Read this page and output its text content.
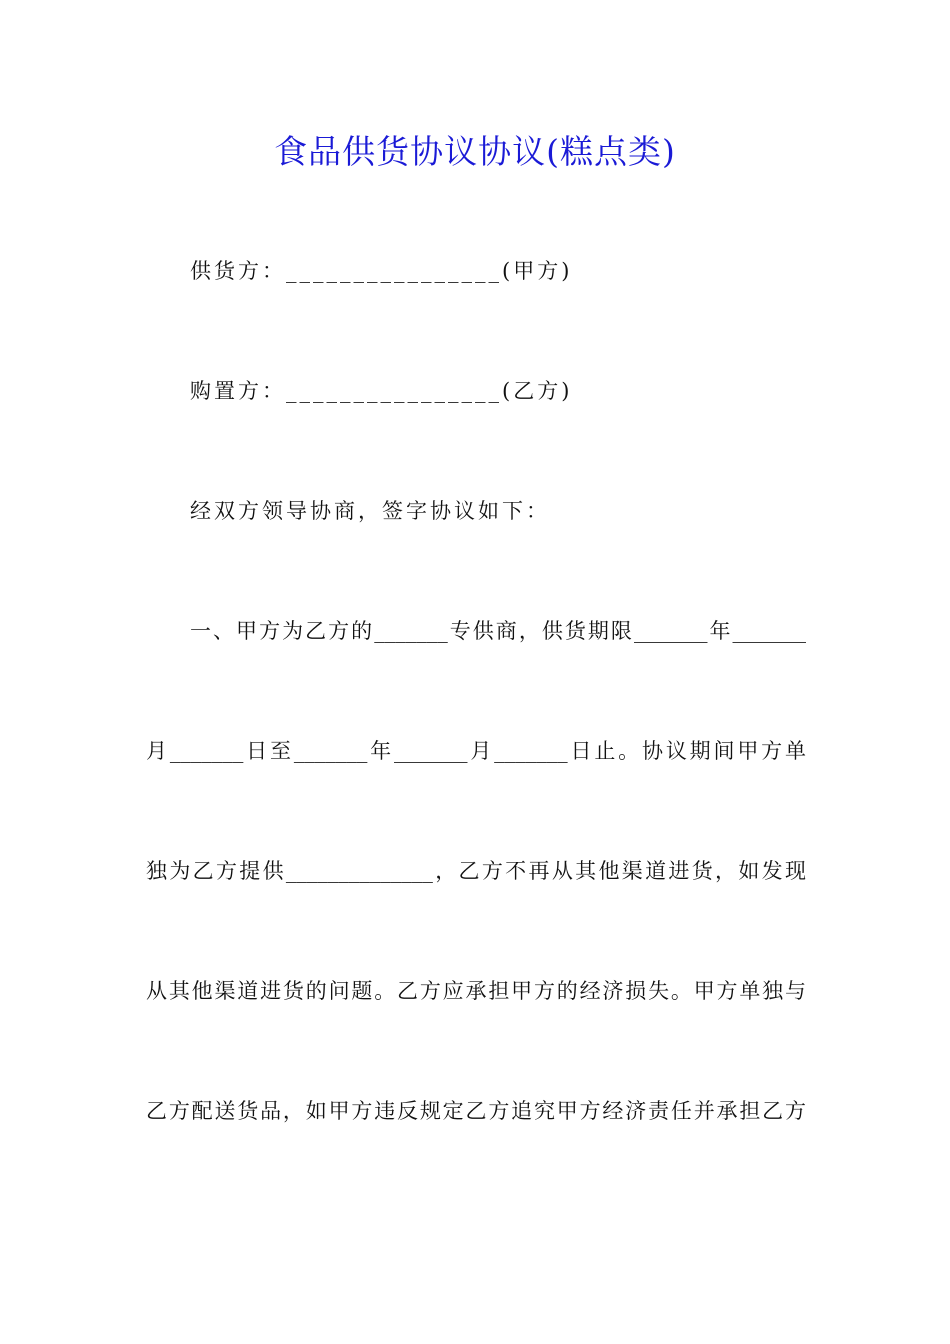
食品供货协议协议(糕点类)
供货方：________________(甲方)
购置方：________________(乙方)
经双方领导协商，签字协议如下：
一、甲方为乙方的_______专供商，供货期限_______年_______
月_______日至_______年_______月_______日止。协议期间甲方单
独为乙方提供______________，乙方不再从其他渠道进货，如发现
从其他渠道进货的问题。乙方应承担甲方的经济损失。甲方单独与
乙方配送货品，如甲方违反规定乙方追究甲方经济责任并承担乙方
